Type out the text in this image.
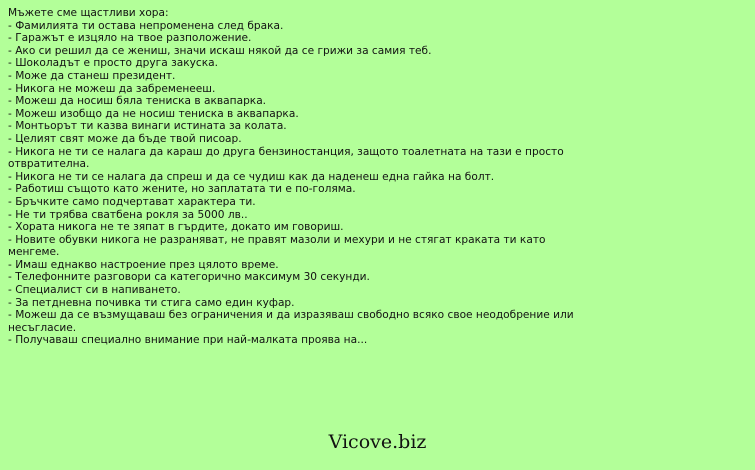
Мъжете сме щастливи хора:
- Фамилията ти остава непроменена след брака.
- Гаражът е изцяло на твое разположение.
- Ако си решил да се жениш, значи искаш някой да се грижи за самия теб.
- Шоколадът е просто друга закуска.
- Може да станеш президент.
- Никога не можеш да забременееш.
- Можеш да носиш бяла тениска в аквапарка.
- Можеш изобщо да не носиш тениска в аквапарка.
- Монтьорът ти казва винаги истината за колата.
- Целият свят може да бъде твой писоар.
- Никога не ти се налага да караш до друга бензиностанция, защото тоалетната на тази е просто отвратителна.
- Никога не ти се налага да спреш и да се чудиш как да наденеш една гайка на болт.
- Работиш същото като жените, но заплатата ти е по-голяма.
- Бръчките само подчертават характера ти.
- Не ти трябва сватбена рокля за 5000 лв..
- Хората никога не те зяпат в гърдите, докато им говориш.
- Новите обувки никога не разраняват, не правят мазоли и мехури и не стягат краката ти като менгеме.
- Имаш еднакво настроение през цялото време.
- Телефонните разговори са категорично максимум 30 секунди.
- Специалист си в напиването.
- За петдневна почивка ти стига само един куфар.
- Можеш да се възмущаваш без ограничения и да изразяваш свободно всяко свое неодобрение или несъгласие.
- Получаваш специално внимание при най-малката проява на...
Vicove.biz
